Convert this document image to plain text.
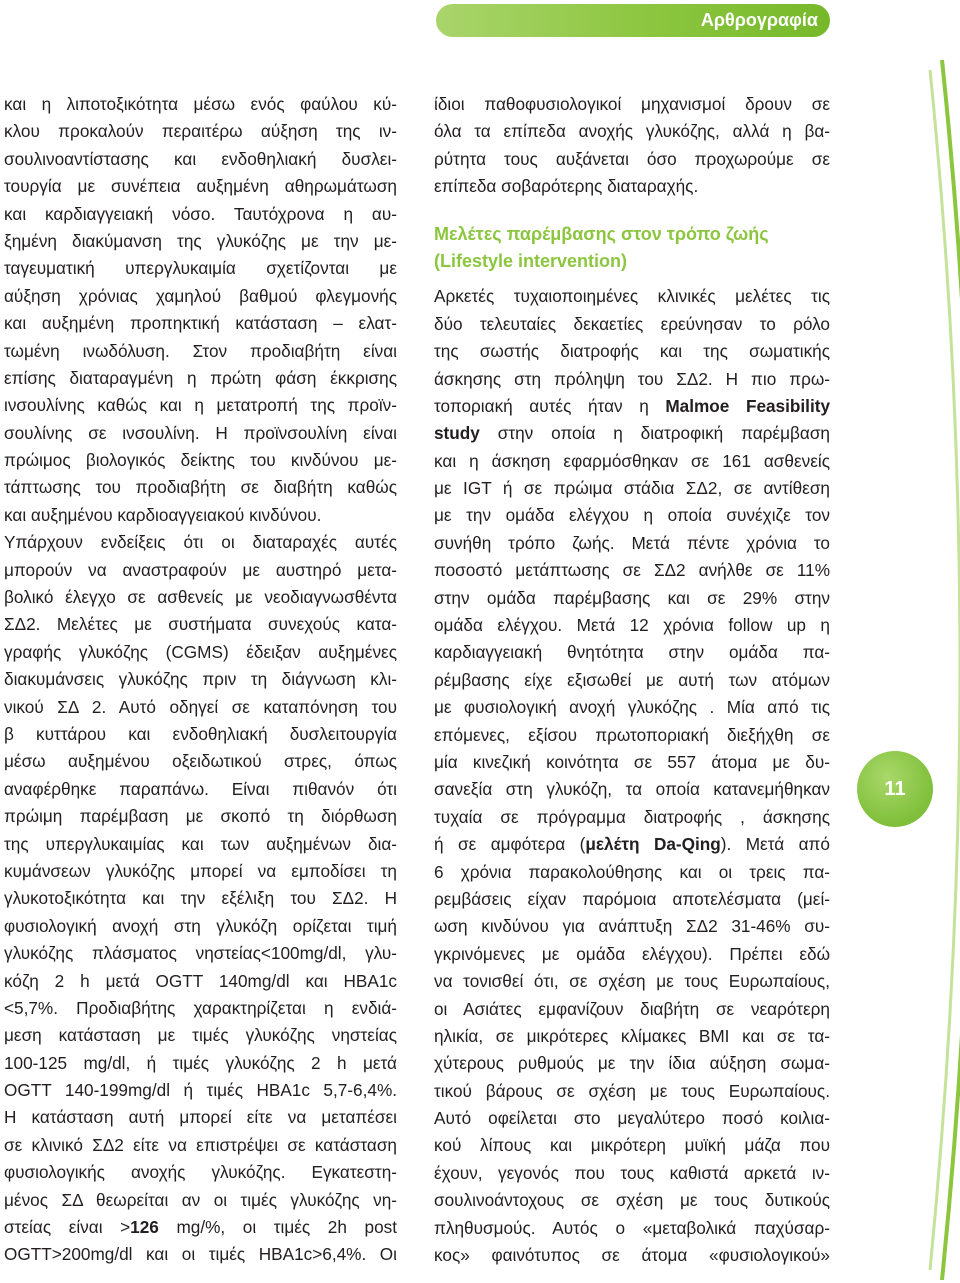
Αρθρογραφία
11
και η λιποτοξικότητα μέσω ενός φαύλου κύ-
κλου προκαλούν περαιτέρω αύξηση της ιν-
σουλινοαντίστασης και ενδοθηλιακή δυσλει-
τουργία με συνέπεια αυξημένη αθηρωμάτωση
και καρδιαγγειακή νόσο. Ταυτόχρονα η αυ-
ξημένη διακύμανση της γλυκόζης με την με-
ταγευματική υπεργλυκαιμία σχετίζονται με
αύξηση χρόνιας χαμηλού βαθμού φλεγμονής
και αυξημένη προπηκτική κατάσταση – ελατ-
τωμένη ινωδόλυση. Στον προδιαβήτη είναι
επίσης διαταραγμένη η πρώτη φάση έκκρισης
ινσουλίνης καθώς και η μετατροπή της προϊν-
σουλίνης σε ινσουλίνη. Η προϊνσουλίνη είναι
πρώιμος βιολογικός δείκτης του κινδύνου με-
τάπτωσης του προδιαβήτη σε διαβήτη καθώς
και αυξημένου καρδιοαγγειακού κινδύνου.
Υπάρχουν ενδείξεις ότι οι διαταραχές αυτές
μπορούν να αναστραφούν με αυστηρό μετα-
βολικό έλεγχο σε ασθενείς με νεοδιαγνωσθέντα
ΣΔ2. Μελέτες με συστήματα συνεχούς κατα-
γραφής γλυκόζης (CGMS) έδειξαν αυξημένες
διακυμάνσεις γλυκόζης πριν τη διάγνωση κλι-
νικού ΣΔ 2. Αυτό οδηγεί σε καταπόνηση του
β κυττάρου και ενδοθηλιακή δυσλειτουργία
μέσω αυξημένου οξειδωτικού στρες, όπως
αναφέρθηκε παραπάνω. Είναι πιθανόν ότι
πρώιμη παρέμβαση με σκοπό τη διόρθωση
της υπεργλυκαιμίας και των αυξημένων δια-
κυμάνσεων γλυκόζης μπορεί να εμποδίσει τη
γλυκοτοξικότητα και την εξέλιξη του ΣΔ2. Η
φυσιολογική ανοχή στη γλυκόζη ορίζεται τιμή
γλυκόζης πλάσματος νηστείας<100mg/dl, γλυ-
κόζη 2 h μετά OGTT 140mg/dl και HBA1c
<5,7%. Προδιαβήτης χαρακτηρίζεται η ενδιά-
μεση κατάσταση με τιμές γλυκόζης νηστείας
100-125 mg/dl, ή τιμές γλυκόζης 2 h μετά
OGTT 140-199mg/dl ή τιμές HBA1c 5,7-6,4%.
Η κατάσταση αυτή μπορεί είτε να μεταπέσει
σε κλινικό ΣΔ2 είτε να επιστρέψει σε κατάσταση
φυσιολογικής ανοχής γλυκόζης. Εγκατεστη-
μένος ΣΔ θεωρείται αν οι τιμές γλυκόζης νη-
στείας είναι >126 mg/%, οι τιμές 2h post
OGTT>200mg/dl και οι τιμές HBA1c>6,4%. Οι
ίδιοι παθοφυσιολογικοί μηχανισμοί δρουν σε
όλα τα επίπεδα ανοχής γλυκόζης, αλλά η βα-
ρύτητα τους αυξάνεται όσο προχωρούμε σε
επίπεδα σοβαρότερης διαταραχής.
Μελέτες παρέμβασης στον τρόπο ζωής
(Lifestyle intervention)
Αρκετές τυχαιοποιημένες κλινικές μελέτες τις
δύο τελευταίες δεκαετίες ερεύνησαν το ρόλο
της σωστής διατροφής και της σωματικής
άσκησης στη πρόληψη του ΣΔ2. Η πιο πρω-
τοποριακή αυτές ήταν η Malmoe Feasibility
study στην οποία η διατροφική παρέμβαση
και η άσκηση εφαρμόσθηκαν σε 161 ασθενείς
με IGT ή σε πρώιμα στάδια ΣΔ2, σε αντίθεση
με την ομάδα ελέγχου η οποία συνέχιζε τον
συνήθη τρόπο ζωής. Μετά πέντε χρόνια το
ποσοστό μετάπτωσης σε ΣΔ2 ανήλθε σε 11%
στην ομάδα παρέμβασης και σε 29% στην
ομάδα ελέγχου. Μετά 12 χρόνια follow up η
καρδιαγγειακή θνητότητα στην ομάδα πα-
ρέμβασης είχε εξισωθεί με αυτή των ατόμων
με φυσιολογική ανοχή γλυκόζης . Μία από τις
επόμενες, εξίσου πρωτοποριακή διεξήχθη σε
μία κινεζική κοινότητα σε 557 άτομα με δυ-
σανεξία στη γλυκόζη, τα οποία κατανεμήθηκαν
τυχαία σε πρόγραμμα διατροφής , άσκησης
ή σε αμφότερα (μελέτη Da-Qing). Μετά από
6 χρόνια παρακολούθησης και οι τρεις πα-
ρεμβάσεις είχαν παρόμοια αποτελέσματα (μεί-
ωση κινδύνου για ανάπτυξη ΣΔ2 31-46% συ-
γκρινόμενες με ομάδα ελέγχου). Πρέπει εδώ
να τονισθεί ότι, σε σχέση με τους Ευρωπαίους,
οι Ασιάτες εμφανίζουν διαβήτη σε νεαρότερη
ηλικία, σε μικρότερες κλίμακες BMI και σε τα-
χύτερους ρυθμούς με την ίδια αύξηση σωμα-
τικού βάρους σε σχέση με τους Ευρωπαίους.
Αυτό οφείλεται στο μεγαλύτερο ποσό κοιλια-
κού λίπους και μικρότερη μυϊκή μάζα που
έχουν, γεγονός που τους καθιστά αρκετά ιν-
σουλινοάντοχους σε σχέση με τους δυτικούς
πληθυσμούς. Αυτός ο «μεταβολικά παχύσαρ-
κος» φαινότυπος σε άτομα «φυσιολογικού»
